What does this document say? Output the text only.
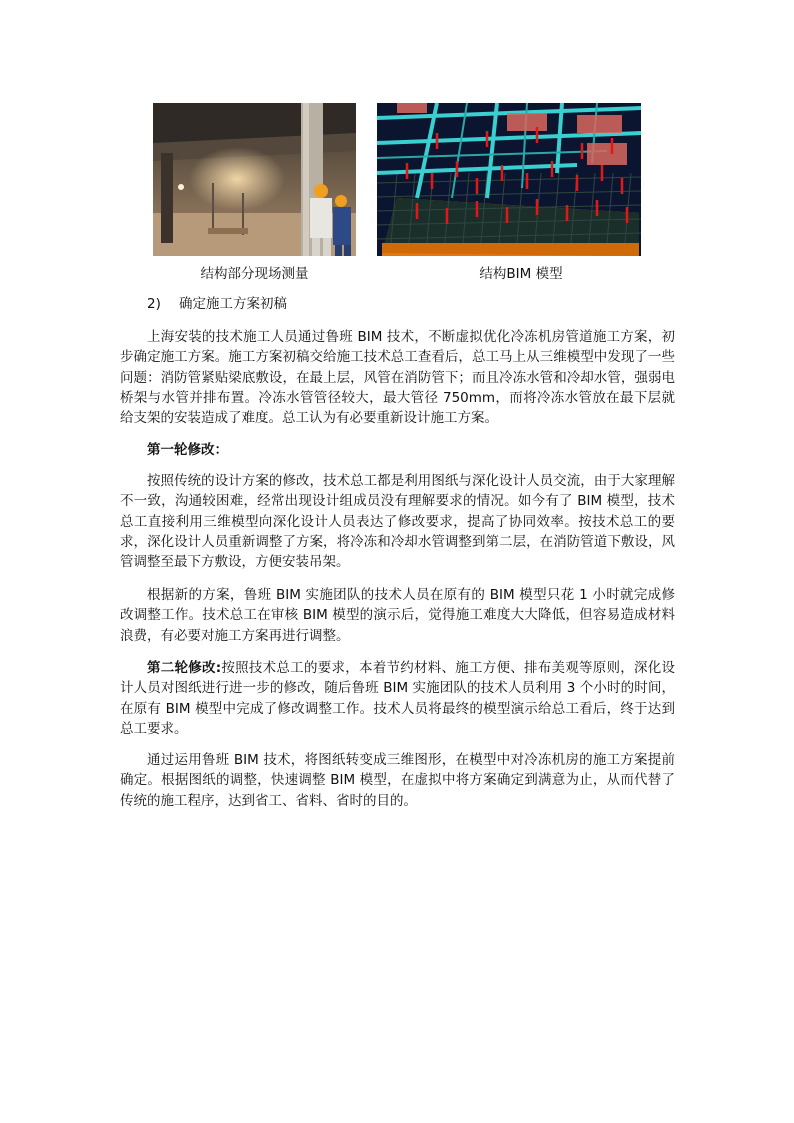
结构部分现场测量	结构BIM 模型
2) 确定施工方案初稿

上海安装的技术施工人员通过鲁班 BIM 技术，不断虚拟优化冷冻机房管道施工方案，初步确定施工方案。施工方案初稿交给施工技术总工查看后，总工马上从三维模型中发现了一些问题：消防管紧贴梁底敷设，在最上层，风管在消防管下；而且冷冻水管和冷却水管，强弱电桥架与水管并排布置。冷冻水管管径较大，最大管径 750mm，而将冷冻水管放在最下层就给支架的安装造成了难度。总工认为有必要重新设计施工方案。

第一轮修改：

按照传统的设计方案的修改，技术总工都是利用图纸与深化设计人员交流，由于大家理解不一致，沟通较困难，经常出现设计组成员没有理解要求的情况。如今有了 BIM 模型，技术总工直接利用三维模型向深化设计人员表达了修改要求，提高了协同效率。按技术总工的要求，深化设计人员重新调整了方案，将冷冻和冷却水管调整到第二层，在消防管道下敷设，风管调整至最下方敷设，方便安装吊架。

根据新的方案，鲁班 BIM 实施团队的技术人员在原有的 BIM 模型只花 1 小时就完成修改调整工作。技术总工在审核 BIM 模型的演示后，觉得施工难度大大降低，但容易造成材料浪费，有必要对施工方案再进行调整。

第二轮修改:按照技术总工的要求，本着节约材料、施工方便、排布美观等原则，深化设计人员对图纸进行进一步的修改，随后鲁班 BIM 实施团队的技术人员利用 3 个小时的时间，在原有 BIM 模型中完成了修改调整工作。技术人员将最终的模型演示给总工看后，终于达到总工要求。

通过运用鲁班 BIM 技术，将图纸转变成三维图形，在模型中对冷冻机房的施工方案提前确定。根据图纸的调整，快速调整 BIM 模型，在虚拟中将方案确定到满意为止，从而代替了传统的施工程序，达到省工、省料、省时的目的。
